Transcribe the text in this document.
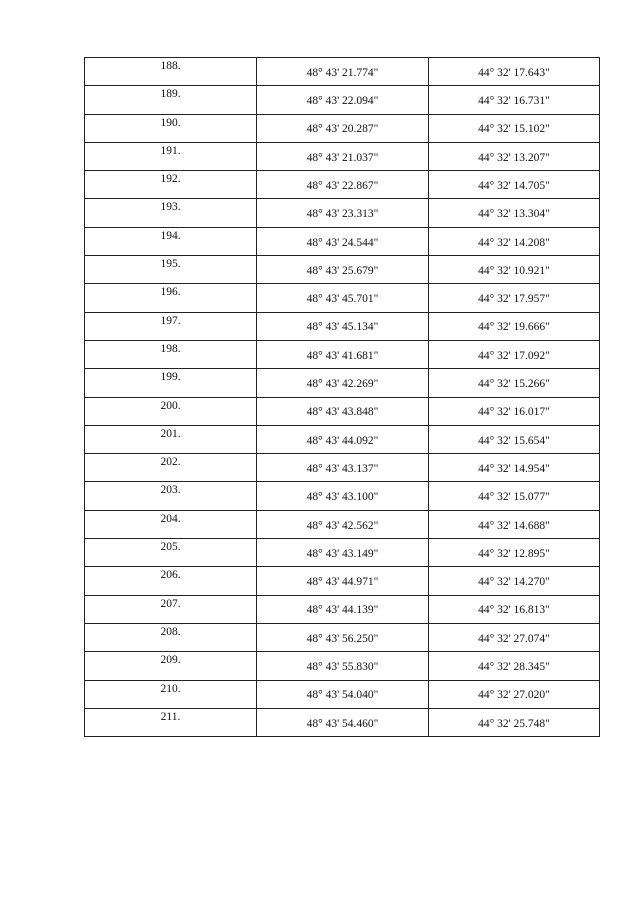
188.	48° 43' 21.774"	44° 32' 17.643"
189.	48° 43' 22.094"	44° 32' 16.731"
190.	48° 43' 20.287"	44° 32' 15.102"
191.	48° 43' 21.037"	44° 32' 13.207"
192.	48° 43' 22.867"	44° 32' 14.705"
193.	48° 43' 23.313"	44° 32' 13.304"
194.	48° 43' 24.544"	44° 32' 14.208"
195.	48° 43' 25.679"	44° 32' 10.921"
196.	48° 43' 45.701"	44° 32' 17.957"
197.	48° 43' 45.134"	44° 32' 19.666"
198.	48° 43' 41.681"	44° 32' 17.092"
199.	48° 43' 42.269"	44° 32' 15.266"
200.	48° 43' 43.848"	44° 32' 16.017"
201.	48° 43' 44.092"	44° 32' 15.654"
202.	48° 43' 43.137"	44° 32' 14.954"
203.	48° 43' 43.100"	44° 32' 15.077"
204.	48° 43' 42.562"	44° 32' 14.688"
205.	48° 43' 43.149"	44° 32' 12.895"
206.	48° 43' 44.971"	44° 32' 14.270"
207.	48° 43' 44.139"	44° 32' 16.813"
208.	48° 43' 56.250"	44° 32' 27.074"
209.	48° 43' 55.830"	44° 32' 28.345"
210.	48° 43' 54.040"	44° 32' 27.020"
211.	48° 43' 54.460"	44° 32' 25.748"
